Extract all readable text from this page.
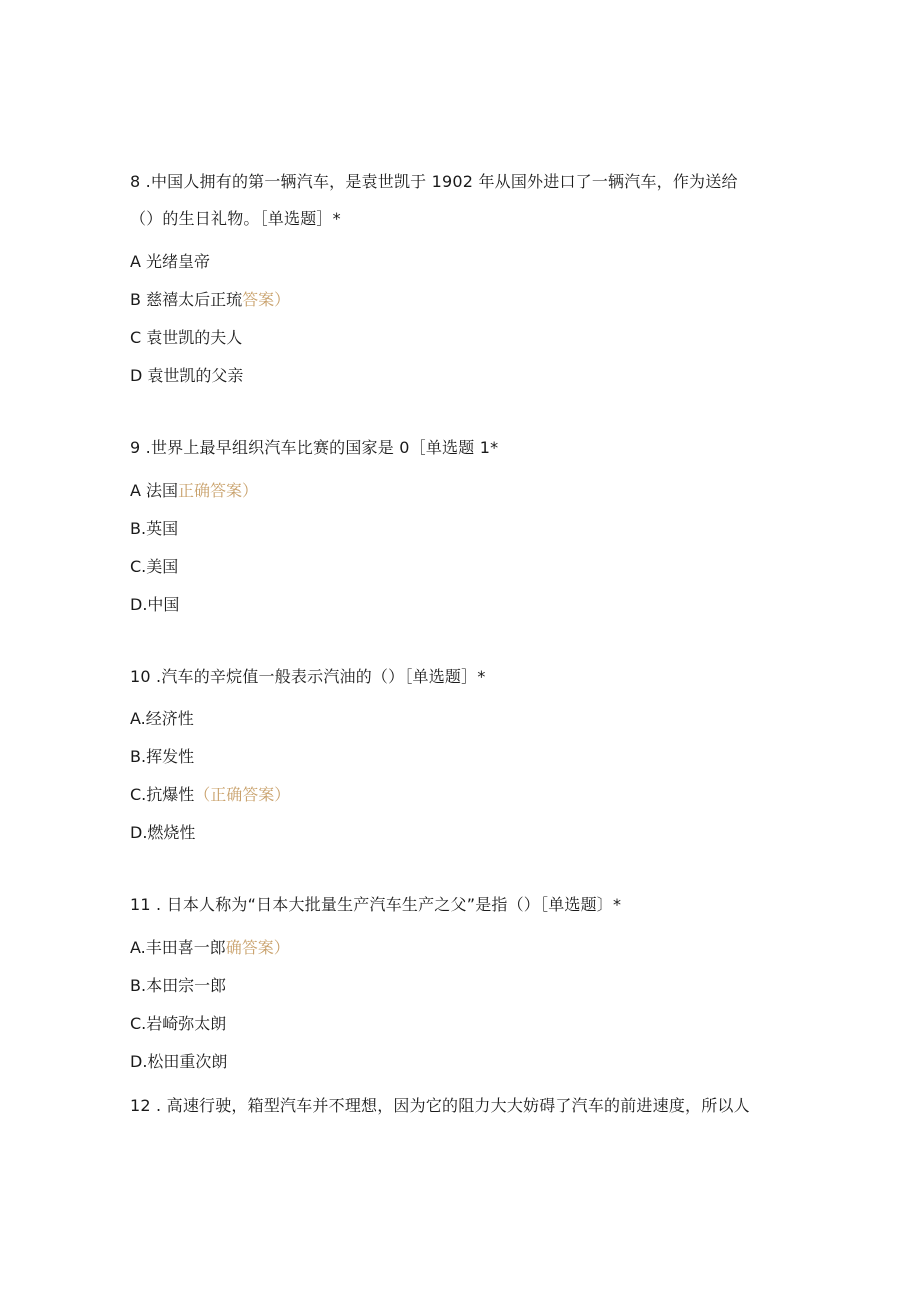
8 .中国人拥有的第一辆汽车，是袁世凯于 1902 年从国外进口了一辆汽车，作为送给
（）的生日礼物。［单选题］*
A 光绪皇帝
B 慈禧太后正琉答案）
C 袁世凯的夫人
D 袁世凯的父亲
9 .世界上最早组织汽车比赛的国家是 0［单选题 1*
A 法国正确答案）
B.英国
C.美国
D.中国
10 .汽车的辛烷值一般表示汽油的（）［单选题］*
A.经济性
B.挥发性
C.抗爆性（正确答案）
D.燃烧性
11 . 日本人称为“日本大批量生产汽车生产之父”是指（）［单选题〕*
A.丰田喜一郎确答案）
B.本田宗一郎
C.岩崎弥太朗
D.松田重次朗
12 . 高速行驶，箱型汽车并不理想，因为它的阻力大大妨碍了汽车的前进速度，所以人
